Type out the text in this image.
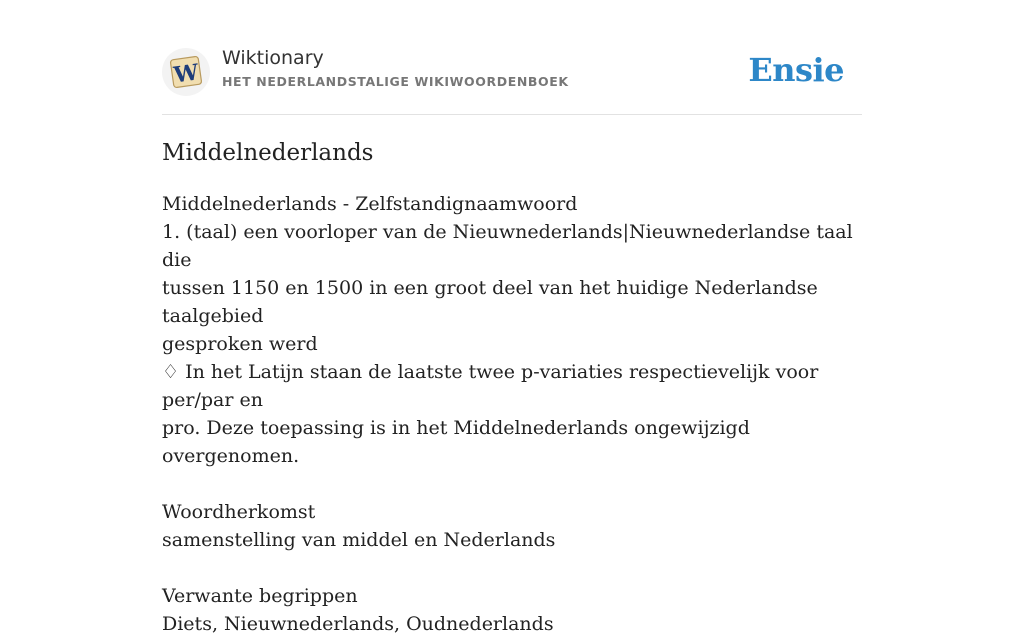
W
Wiktionary
HET NEDERLANDSTALIGE WIKIWOORDENBOEK	Ensie
Middelnederlands
Middelnederlands - Zelfstandignaamwoord
1. (taal) een voorloper van de Nieuwnederlands|Nieuwnederlandse taal die
tussen 1150 en 1500 in een groot deel van het huidige Nederlandse taalgebied
gesproken werd
♢ In het Latijn staan de laatste twee p-variaties respectievelijk voor per/par en
pro. Deze toepassing is in het Middelnederlands ongewijzigd overgenomen.
Woordherkomst
samenstelling van middel en Nederlands
Verwante begrippen
Diets, Nieuwnederlands, Oudnederlands
